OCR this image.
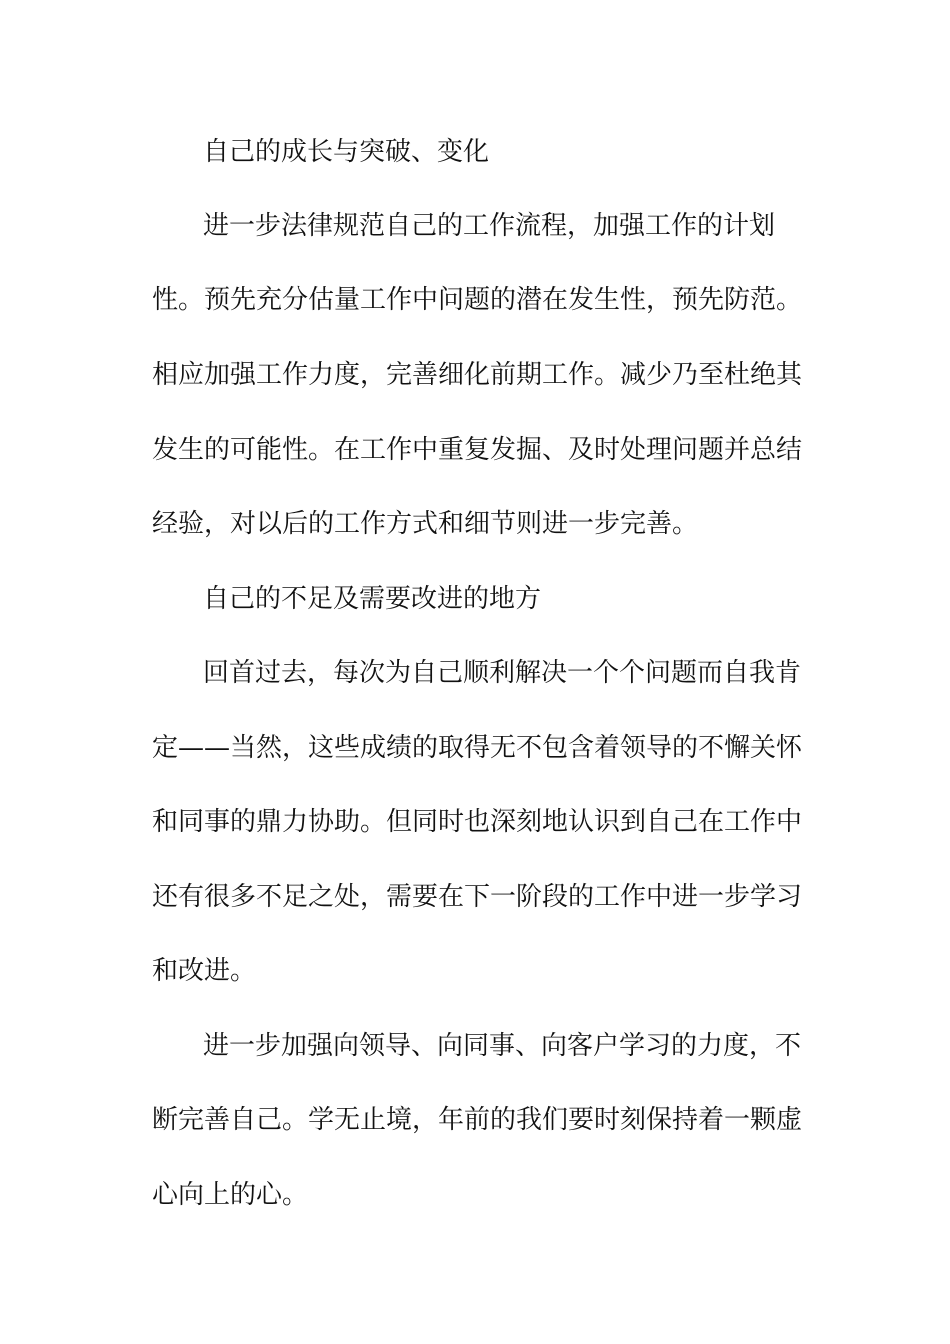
自己的成长与突破、变化
进一步法律规范自己的工作流程，加强工作的计划
性。预先充分估量工作中问题的潜在发生性，预先防范。
相应加强工作力度，完善细化前期工作。减少乃至杜绝其
发生的可能性。在工作中重复发掘、及时处理问题并总结
经验，对以后的工作方式和细节则进一步完善。
自己的不足及需要改进的地方
回首过去，每次为自己顺利解决一个个问题而自我肯
定——当然，这些成绩的取得无不包含着领导的不懈关怀
和同事的鼎力协助。但同时也深刻地认识到自己在工作中
还有很多不足之处，需要在下一阶段的工作中进一步学习
和改进。
进一步加强向领导、向同事、向客户学习的力度，不
断完善自己。学无止境，年前的我们要时刻保持着一颗虚
心向上的心。
